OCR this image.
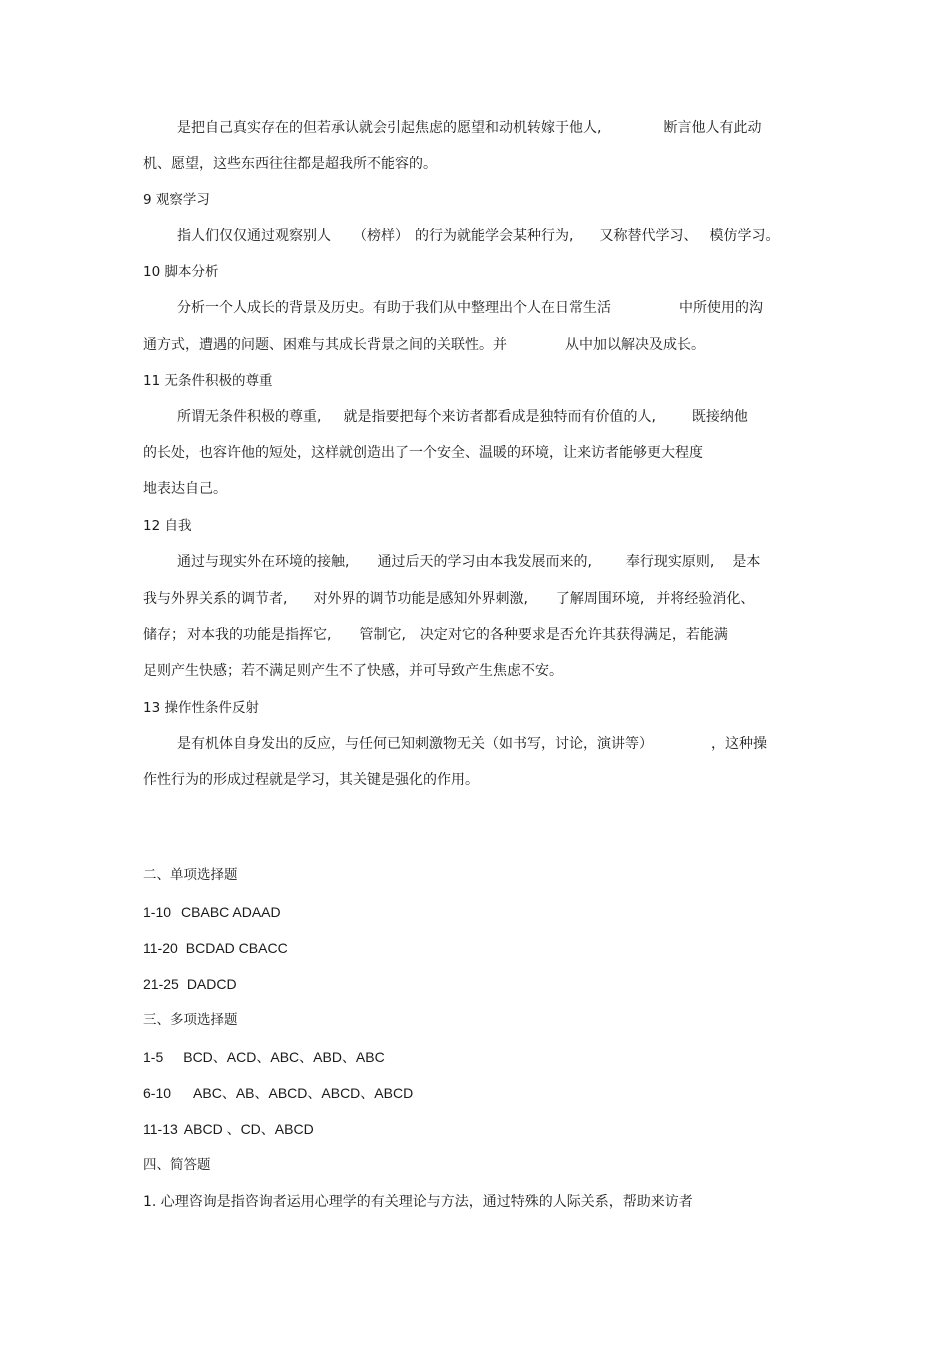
是把自己真实存在的但若承认就会引起焦虑的愿望和动机转嫁于他人,	断言他人有此动
机、愿望，这些东西往往都是超我所不能容的。
9 观察学习
指人们仅仅通过观察别人 （榜样） 的行为就能学会某种行为, 又称替代学习、 模仿学习。
10 脚本分析
分析一个人成长的背景及历史。有助于我们从中整理出个人在日常生活	中所使用的沟
通方式，遭遇的问题、困难与其成长背景之间的关联性。并	从中加以解决及成长。
11 无条件积极的尊重
所谓无条件积极的尊重, 就是指要把每个来访者都看成是独特而有价值的人,	既接纳他
的长处，也容许他的短处，这样就创造出了一个安全、温暖的环境，让来访者能够更大程度
地表达自己。
12 自我
通过与现实外在环境的接触, 通过后天的学习由本我发展而来的, 奉行现实原则, 是本
我与外界关系的调节者, 对外界的调节功能是感知外界刺激, 了解周围环境, 并将经验消化、
储存； 对本我的功能是指挥它, 管制它, 决定对它的各种要求是否允许其获得满足，若能满
足则产生快感；若不满足则产生不了快感，并可导致产生焦虑不安。
13 操作性条件反射
是有机体自身发出的反应，与任何已知刺激物无关（如书写，讨论，演讲等）	，这种操
作性行为的形成过程就是学习，其关键是强化的作用。
二、单项选择题
1-10 CBABC ADAAD
11-20 BCDAD CBACC
21-25 DADCD
三、多项选择题
1-5 BCD、ACD、ABC、ABD、ABC
6-10 ABC、AB、ABCD、ABCD、ABCD
11-13 ABCD 、CD、ABCD
四、简答题
1. 心理咨询是指咨询者运用心理学的有关理论与方法，通过特殊的人际关系，帮助来访者
